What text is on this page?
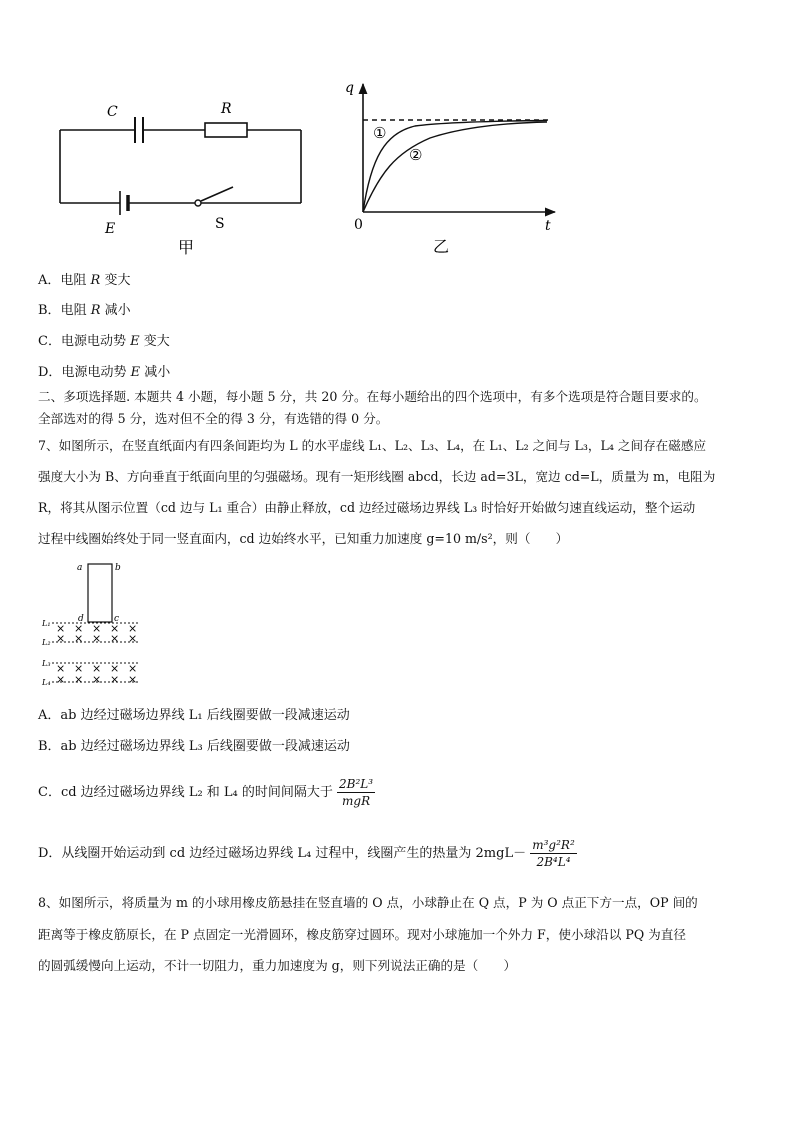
C	R
E	S
甲
q
t
0
①
②
乙
A．电阻 R 变大
B．电阻 R 减小
C．电源电动势 E 变大
D．电源电动势 E 减小
二、多项选择题. 本题共 4 小题，每小题 5 分，共 20 分。在每小题给出的四个选项中，有多个选项是符合题目要求的。
全部选对的得 5 分，选对但不全的得 3 分，有选错的得 0 分。
7、如图所示，在竖直纸面内有四条间距均为 L 的水平虚线 L₁、L₂、L₃、L₄，在 L₁、L₂ 之间与 L₃，L₄ 之间存在磁感应
强度大小为 B、方向垂直于纸面向里的匀强磁场。现有一矩形线圈 abcd，长边 ad=3L，宽边 cd=L，质量为 m，电阻为
R，将其从图示位置（cd 边与 L₁ 重合）由静止释放，cd 边经过磁场边界线 L₃ 时恰好开始做匀速直线运动，整个运动
过程中线圈始终处于同一竖直面内，cd 边始终水平，已知重力加速度 g=10 m/s²，则（　　）
a	b
d	c
L₁
L₂
L₃
L₄
× × × × ×
× × × × ×
× × × × ×
× × × × ×
A．ab 边经过磁场边界线 L₁ 后线圈要做一段减速运动
B．ab 边经过磁场边界线 L₃ 后线圈要做一段减速运动
C．cd 边经过磁场边界线 L₂ 和 L₄ 的时间间隔大于 $\frac{\text{2B²L³}}{\text{mgR}}$
D．从线圈开始运动到 cd 边经过磁场边界线 L₄ 过程中，线圈产生的热量为 $2mgL- \frac{\text{m³g²R²}}{\text{2B⁴L⁴}}$
8、如图所示，将质量为 m 的小球用橡皮筋悬挂在竖直墙的 O 点，小球静止在 Q 点，P 为 O 点正下方一点，OP 间的
距离等于橡皮筋原长，在 P 点固定一光滑圆环，橡皮筋穿过圆环。现对小球施加一个外力 F，使小球沿以 PQ 为直径
的圆弧缓慢向上运动，不计一切阻力，重力加速度为 g，则下列说法正确的是（　　）
